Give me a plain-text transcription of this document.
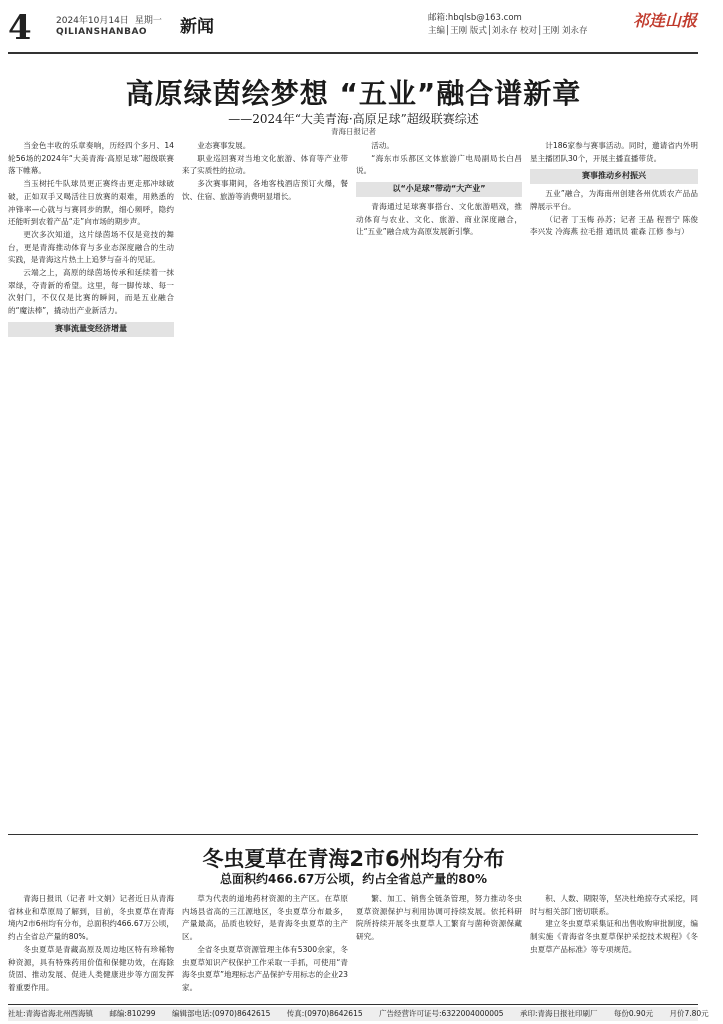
4	2024年10月14日 星期一
QILIANSHANBAO	新闻	邮箱:hbqlsb@163.com
主编│王刚 版式│刘永存 校对│王刚 刘永存
祁连山报
高原绿茵绘梦想 “五业”融合谱新章
——2024年“大美青海·高原足球”超级联赛综述
青海日报记者

当金色丰收的乐章奏响，历经四个多月、14轮56场的2024年“大美青海·高原足球”超级联赛落下帷幕。

当玉树托牛队球员更正赛终击更走那冲球破破，正如双手又喝活往日放赛的艰难，用熟悉的冲锋率—心就与与赛同步的默，细心频呼，隐约还能听到农着产品“走”向市场的期步声。

更次多次知道，这片绿茵场不仅是竞技的舞台，更是青海推动体育与多业态深度融合的生动实践，是青海这片热土上追梦与奋斗的见证。

云端之上，高原的绿茵场传承和延续着一抹翠绿，夺青新的希望。这里，每一脚传球、每一次射门，不仅仅是比赛的瞬间，而是五业融合的“魔法棒”，撬动出产业新活力。

赛事流量变经济增量

业态赛事发展。

职业巡回赛对当地文化旅游、体育等产业带来了实质性的拉动。

多次赛事期间，各地客栈酒店预订火爆，餐饮、住宿、旅游等消费明显增长。

活动。

“海东市乐都区文体旅游广电局副局长白昌说。

以“小足球”带动“大产业”

青海通过足球赛事搭台、文化旅游唱戏，推动体育与农业、文化、旅游、商业深度融合，让“五业”融合成为高原发展新引擎。

计186家参与赛事活动。同时，邀请省内外明星主播团队30个，开展主播直播带货。

赛事推动乡村振兴

五业”融合，为海南州创建各州优质农产品品牌展示平台。

（记者 丁玉梅 孙苏；记者 王晶 程晋宁 陈俊 李兴发 冷海燕 拉毛措 通讯员 霍森 江修 参与）

冬虫夏草在青海2市6州均有分布
总面积约466.67万公顷，约占全省总产量的80%

青海日报讯（记者 叶文娟）记者近日从青海省林业和草原局了解到，目前，冬虫夏草在青海境内2市6州均有分布，总面积约466.67万公顷，约占全省总产量的80%。

冬虫夏草是青藏高原及周边地区特有珍稀物种资源，具有特殊药用价值和保健功效，在海除货固、推动发展、促进人类健康进步等方面发挥着重要作用。

草为代表的道地药材资源的主产区。在草原内场县省高的三江源地区，冬虫夏草分布最多，产量最高，品质也较好，是青海冬虫夏草的主产区。

全省冬虫夏草资源管理主体有5300余家，冬虫夏草知识产权保护工作采取一手抓，可使用“青海冬虫夏草”地理标志产品保护专用标志的企业23家。

繁、加工、销售全链条管理，努力推动冬虫夏草资源保护与利用协调可持续发展。依托科研院所持续开展冬虫夏草人工繁育与菌种资源保藏研究。

积、人数、期限等，坚决杜绝掠夺式采挖，同时与相关部门密切联系。

建立冬虫夏草采集证和出售收购审批制度，编制实施《青海省冬虫夏草保护采挖技术规程》《冬虫夏草产品标准》等专项规范。

社址:青海省海北州西海镇 邮编:810299 编辑部电话:(0970)8642615 传真:(0970)8642615 广告经营许可证号:6322004000005 承印:青海日报社印刷厂 每份0.90元 月价7.80元
